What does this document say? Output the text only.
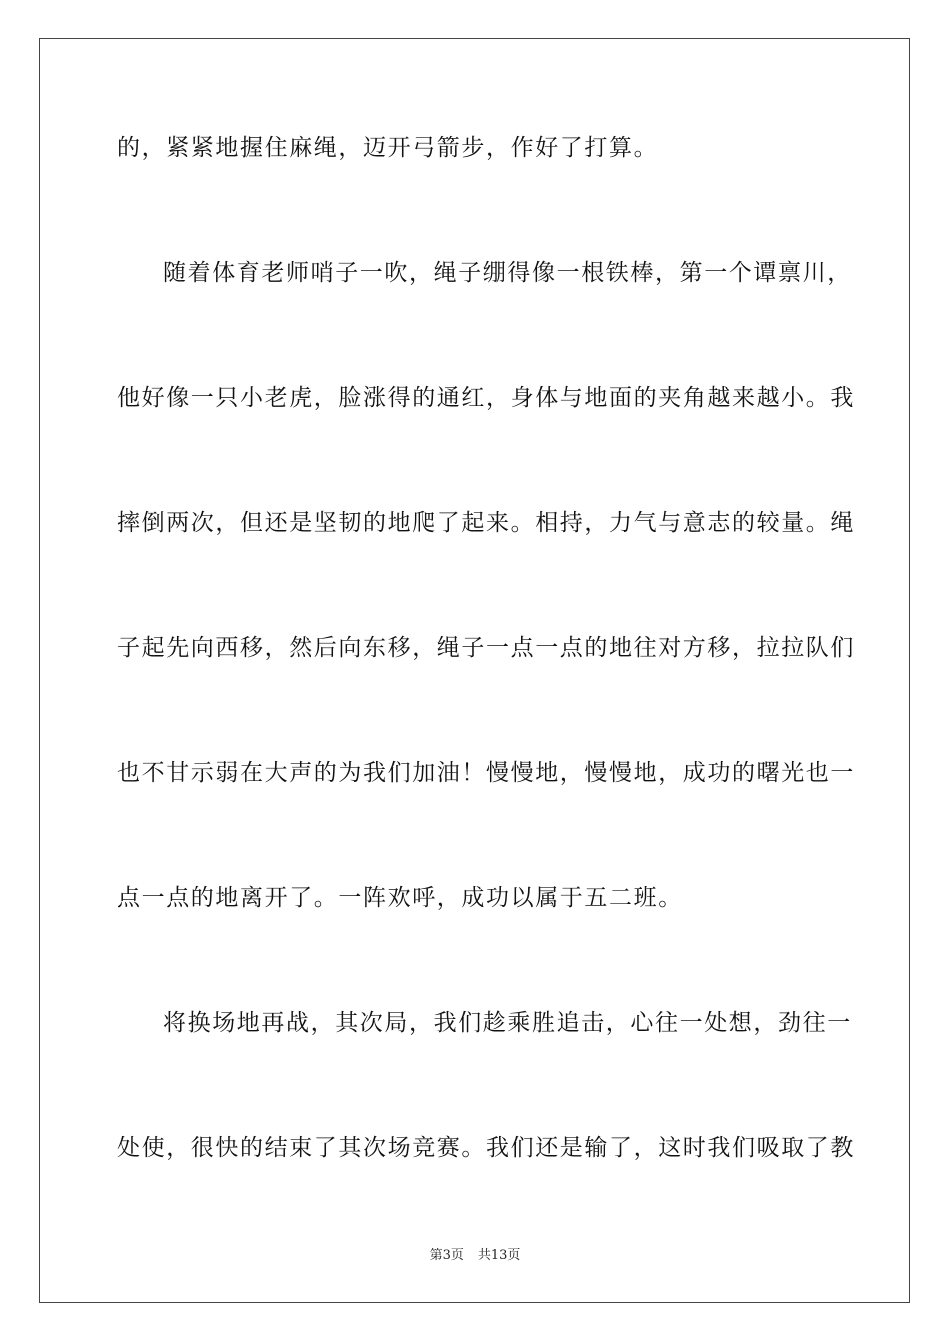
的，紧紧地握住麻绳，迈开弓箭步，作好了打算。
随着体育老师哨子一吹，绳子绷得像一根铁棒，第一个谭禀川，
他好像一只小老虎，脸涨得的通红，身体与地面的夹角越来越小。我
摔倒两次，但还是坚韧的地爬了起来。相持，力气与意志的较量。绳
子起先向西移，然后向东移，绳子一点一点的地往对方移，拉拉队们
也不甘示弱在大声的为我们加油！慢慢地，慢慢地，成功的曙光也一
点一点的地离开了。一阵欢呼，成功以属于五二班。
将换场地再战，其次局，我们趁乘胜追击，心往一处想，劲往一
处使，很快的结束了其次场竞赛。我们还是输了，这时我们吸取了教
第3页 共13页
